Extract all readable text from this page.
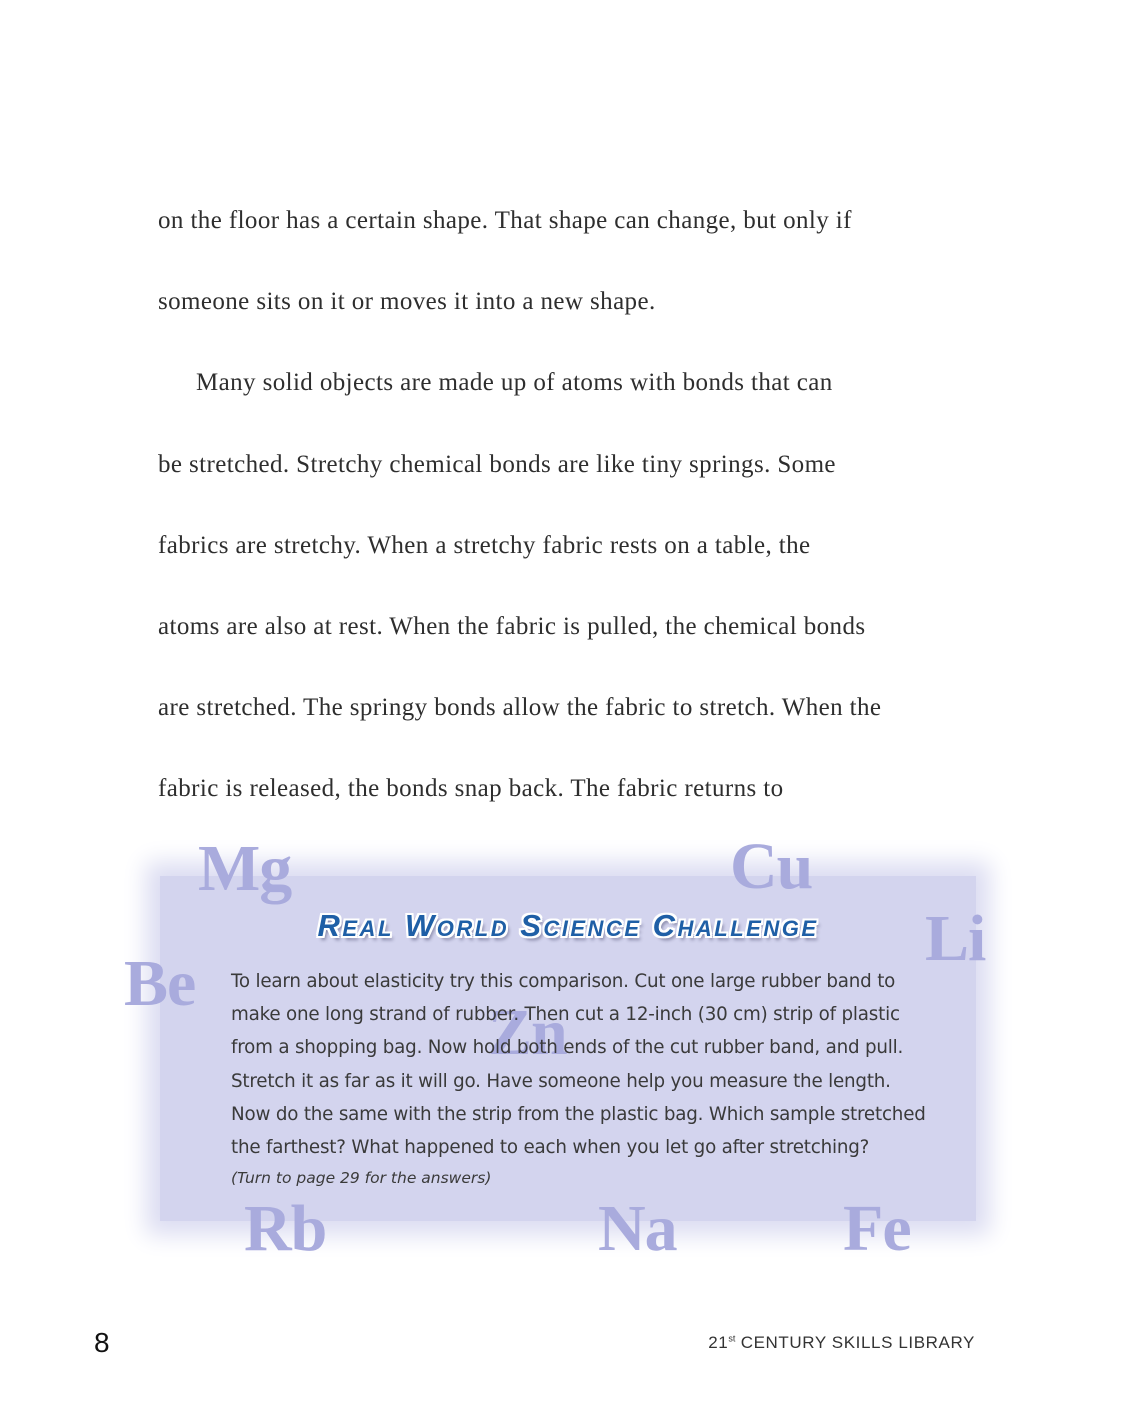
on the floor has a certain shape. That shape can change, but only if
someone sits on it or moves it into a new shape.
Many solid objects are made up of atoms with bonds that can
be stretched. Stretchy chemical bonds are like tiny springs. Some
fabrics are stretchy. When a stretchy fabric rests on a table, the
atoms are also at rest. When the fabric is pulled, the chemical bonds
are stretched. The springy bonds allow the fabric to stretch. When the
fabric is released, the bonds snap back. The fabric returns to

Mg	Cu

Li

Be

Zn

Rb	Na	Fe

Real World Science Challenge
To learn about elasticity try this comparison. Cut one large rubber band to
make one long strand of rubber. Then cut a 12-inch (30 cm) strip of plastic
from a shopping bag. Now hold both ends of the cut rubber band, and pull.
Stretch it as far as it will go. Have someone help you measure the length.
Now do the same with the strip from the plastic bag. Which sample stretched
the farthest? What happened to each when you let go after stretching?

(Turn to page 29 for the answers)

8	21st CENTURY SKILLS LIBRARY
